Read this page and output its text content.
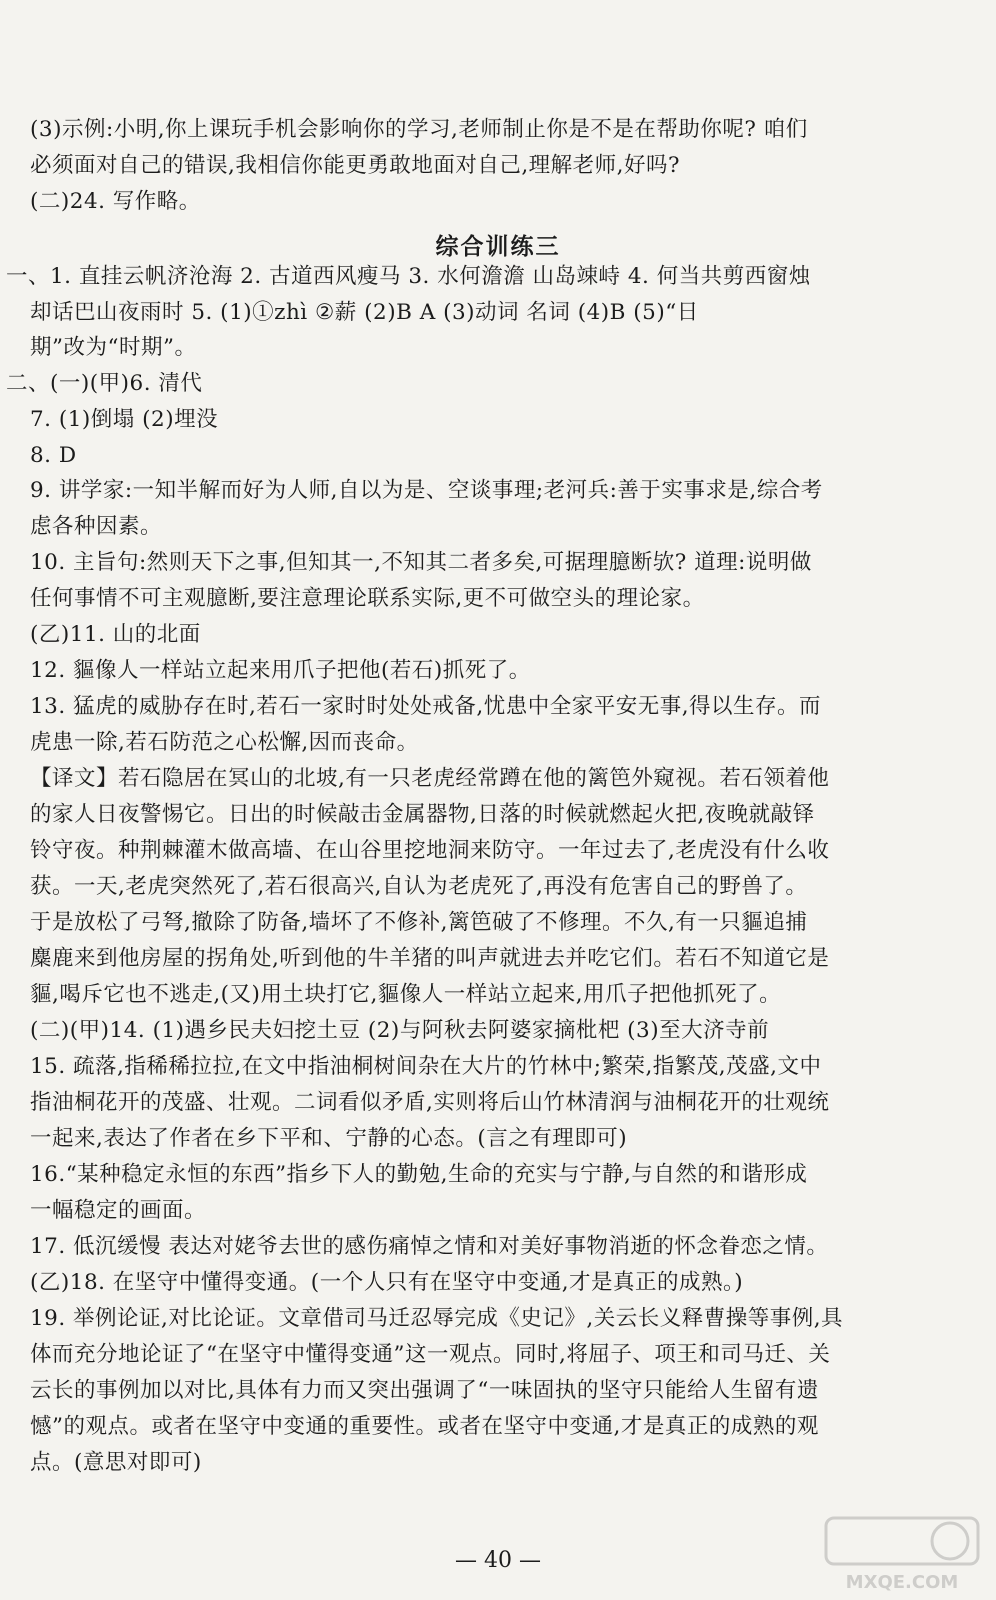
(3)示例:小明,你上课玩手机会影响你的学习,老师制止你是不是在帮助你呢? 咱们
必须面对自己的错误,我相信你能更勇敢地面对自己,理解老师,好吗?
(二)24. 写作略。
综合训练三
一、1. 直挂云帆济沧海 2. 古道西风瘦马 3. 水何澹澹 山岛竦峙 4. 何当共剪西窗烛
却话巴山夜雨时 5. (1)①zhì ②薪 (2)B A (3)动词 名词 (4)B (5)“日
期”改为“时期”。
二、(一)(甲)6. 清代
7. (1)倒塌 (2)埋没
8. D
9. 讲学家:一知半解而好为人师,自以为是、空谈事理;老河兵:善于实事求是,综合考
虑各种因素。
10. 主旨句:然则天下之事,但知其一,不知其二者多矣,可据理臆断欤? 道理:说明做
任何事情不可主观臆断,要注意理论联系实际,更不可做空头的理论家。
(乙)11. 山的北面
12. 貙像人一样站立起来用爪子把他(若石)抓死了。
13. 猛虎的威胁存在时,若石一家时时处处戒备,忧患中全家平安无事,得以生存。而
虎患一除,若石防范之心松懈,因而丧命。
【译文】若石隐居在冥山的北坡,有一只老虎经常蹲在他的篱笆外窥视。若石领着他
的家人日夜警惕它。日出的时候敲击金属器物,日落的时候就燃起火把,夜晚就敲铎
铃守夜。种荆棘灌木做高墙、在山谷里挖地洞来防守。一年过去了,老虎没有什么收
获。一天,老虎突然死了,若石很高兴,自认为老虎死了,再没有危害自己的野兽了。
于是放松了弓弩,撤除了防备,墙坏了不修补,篱笆破了不修理。不久,有一只貙追捕
麋鹿来到他房屋的拐角处,听到他的牛羊猪的叫声就进去并吃它们。若石不知道它是
貙,喝斥它也不逃走,(又)用土块打它,貙像人一样站立起来,用爪子把他抓死了。
(二)(甲)14. (1)遇乡民夫妇挖土豆 (2)与阿秋去阿婆家摘枇杷 (3)至大济寺前
15. 疏落,指稀稀拉拉,在文中指油桐树间杂在大片的竹林中;繁荣,指繁茂,茂盛,文中
指油桐花开的茂盛、壮观。二词看似矛盾,实则将后山竹林清润与油桐花开的壮观统
一起来,表达了作者在乡下平和、宁静的心态。(言之有理即可)
16.“某种稳定永恒的东西”指乡下人的勤勉,生命的充实与宁静,与自然的和谐形成
一幅稳定的画面。
17. 低沉缓慢 表达对姥爷去世的感伤痛悼之情和对美好事物消逝的怀念眷恋之情。
(乙)18. 在坚守中懂得变通。(一个人只有在坚守中变通,才是真正的成熟。)
19. 举例论证,对比论证。文章借司马迁忍辱完成《史记》,关云长义释曹操等事例,具
体而充分地论证了“在坚守中懂得变通”这一观点。同时,将屈子、项王和司马迁、关
云长的事例加以对比,具体有力而又突出强调了“一味固执的坚守只能给人生留有遗
憾”的观点。或者在坚守中变通的重要性。或者在坚守中变通,才是真正的成熟的观
点。(意思对即可)
— 40 —
MXQE.COM
